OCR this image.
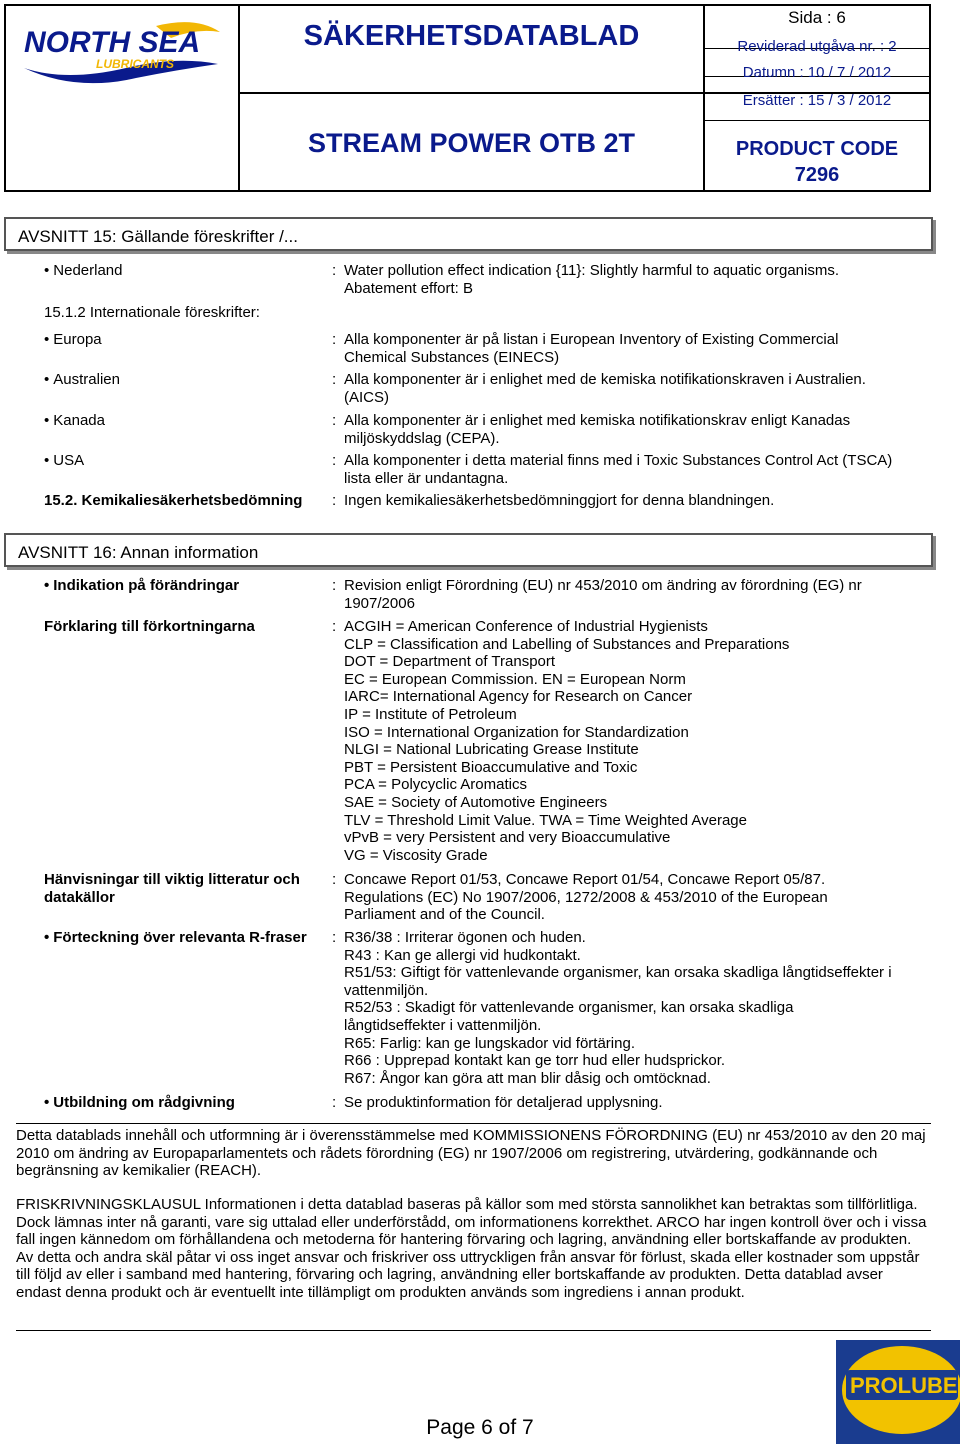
NORTH SEA
LUBRICANTS
SÄKERHETSDATABLAD
STREAM POWER OTB 2T
Sida : 6
Reviderad utgåva nr. : 2
Datumn : 10 / 7 / 2012
Ersätter : 15 / 3 / 2012
PRODUCT CODE
7296
AVSNITT 15: Gällande föreskrifter /...
• Nederland	: Water pollution effect indication {11}: Slightly harmful to aquatic organisms.
Abatement effort: B
15.1.2 Internationale föreskrifter:
• Europa	: Alla komponenter är på listan i European Inventory of Existing Commercial
Chemical Substances (EINECS)
• Australien	: Alla komponenter är i enlighet med de kemiska notifikationskraven i Australien.
(AICS)
• Kanada	: Alla komponenter är i enlighet med kemiska notifikationskrav enligt Kanadas
miljöskyddslag (CEPA).
• USA	: Alla komponenter i detta material finns med i Toxic Substances Control Act (TSCA)
lista eller är undantagna.
15.2. Kemikaliesäkerhetsbedömning : Ingen kemikaliesäkerhetsbedömninggjort for denna blandningen.
AVSNITT 16: Annan information
• Indikation på förändringar	: Revision enligt Förordning (EU) nr 453/2010 om ändring av förordning (EG) nr
1907/2006
Förklaring till förkortningarna	: ACGIH = American Conference of Industrial Hygienists
CLP = Classification and Labelling of Substances and Preparations
DOT = Department of Transport
EC = European Commission. EN = European Norm
IARC= International Agency for Research on Cancer
IP = Institute of Petroleum
ISO = International Organization for Standardization
NLGI = National Lubricating Grease Institute
PBT = Persistent Bioaccumulative and Toxic
PCA = Polycyclic Aromatics
SAE = Society of Automotive Engineers
TLV = Threshold Limit Value. TWA = Time Weighted Average
vPvB = very Persistent and very Bioaccumulative
VG = Viscosity Grade
Hänvisningar till viktig litteratur och
datakällor
: Concawe Report 01/53, Concawe Report 01/54, Concawe Report 05/87.
Regulations (EC) No 1907/2006, 1272/2008 & 453/2010 of the European
Parliament and of the Council.
• Förteckning över relevanta R-fraser : R36/38 : Irriterar ögonen och huden.
R43 : Kan ge allergi vid hudkontakt.
R51/53: Giftigt för vattenlevande organismer, kan orsaka skadliga långtidseffekter i
vattenmiljön.
R52/53 : Skadigt för vattenlevande organismer, kan orsaka skadliga
långtidseffekter i vattenmiljön.
R65: Farlig: kan ge lungskador vid förtäring.
R66 : Upprepad kontakt kan ge torr hud eller hudsprickor.
R67: Ångor kan göra att man blir dåsig och omtöcknad.
• Utbildning om rådgivning	: Se produktinformation för detaljerad upplysning.
Detta datablads innehåll och utformning är i överensstämmelse med KOMMISSIONENS FÖRORDNING (EU) nr 453/2010 av den 20 maj 2010 om ändring av Europaparlamentets och rådets förordning (EG) nr 1907/2006 om registrering, utvärdering, godkännande och begränsning av kemikalier (REACH).
FRISKRIVNINGSKLAUSUL Informationen i detta datablad baseras på källor som med största sannolikhet kan betraktas som tillförlitliga. Dock lämnas inter nå garanti, vare sig uttalad eller underförstådd, om informationens korrekthet. ARCO har ingen kontroll över och i vissa fall ingen kännedom om förhållandena och metoderna för hantering förvaring och lagring, användning eller bortskaffande av produkten. Av detta och andra skäl påtar vi oss inget ansvar och friskriver oss uttryckligen från ansvar för förlust, skada eller kostnader som uppstår till följd av eller i samband med hantering, förvaring och lagring, användning eller bortskaffande av produkten. Detta datablad avser endast denna produkt och är eventuellt inte tillämpligt om produkten används som ingrediens i annan produkt.
Page 6 of 7
PROLUBE
